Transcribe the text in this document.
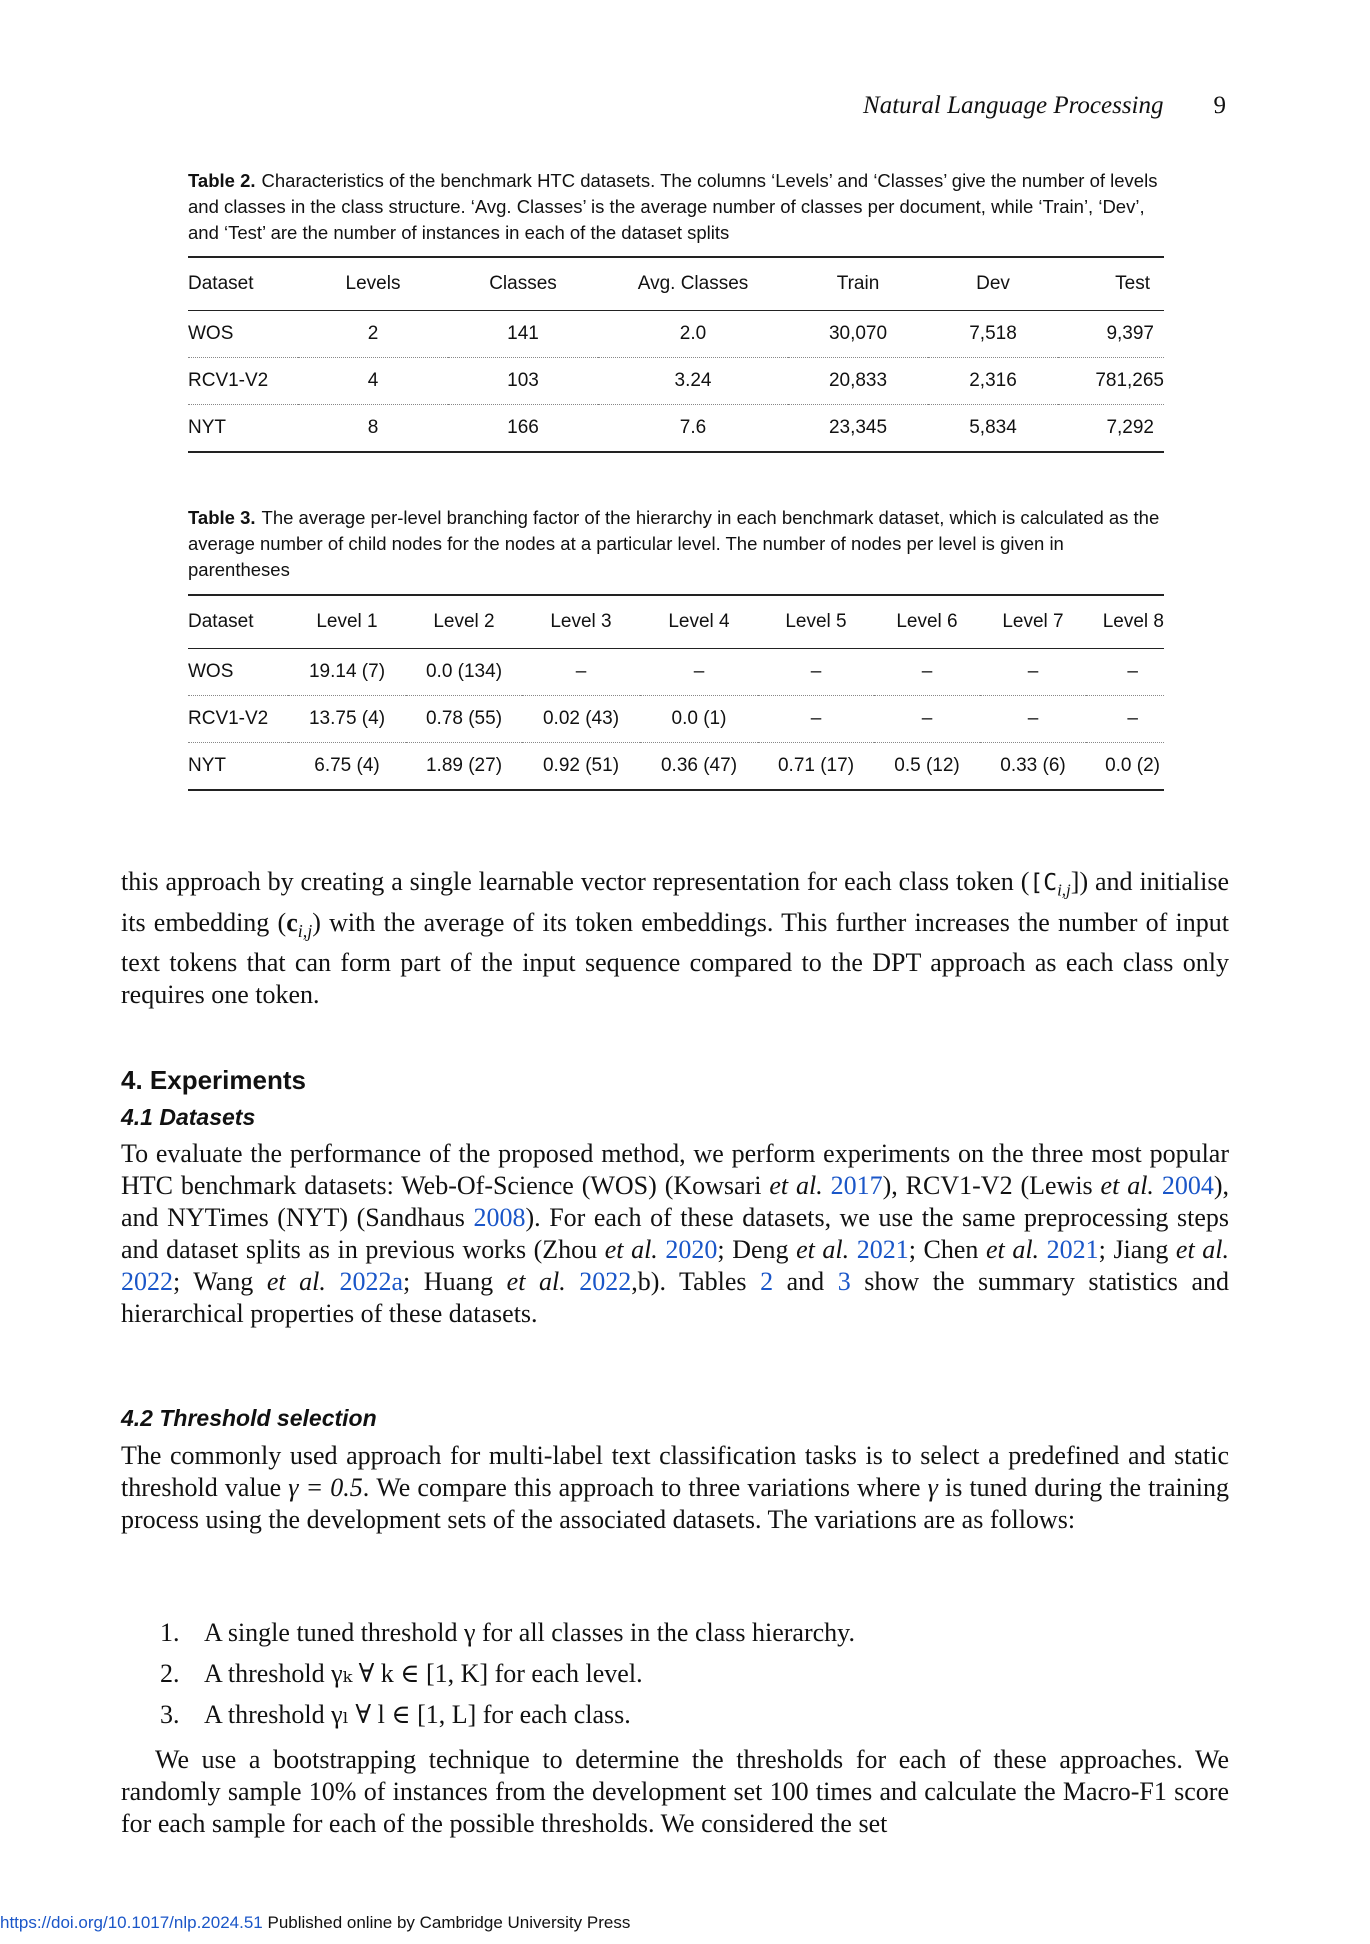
Natural Language Processing 9
Table 2. Characteristics of the benchmark HTC datasets. The columns ‘Levels’ and ‘Classes’ give the number of levels and classes in the class structure. ‘Avg. Classes’ is the average number of classes per document, while ‘Train’, ‘Dev’, and ‘Test’ are the number of instances in each of the dataset splits
Dataset	Levels	Classes	Avg. Classes	Train	Dev	Test
WOS	2	141	2.0	30,070	7,518	9,397
RCV1-V2	4	103	3.24	20,833	2,316	781,265
NYT	8	166	7.6	23,345	5,834	7,292
Table 3. The average per-level branching factor of the hierarchy in each benchmark dataset, which is calculated as the average number of child nodes for the nodes at a particular level. The number of nodes per level is given in parentheses
Dataset	Level 1	Level 2	Level 3	Level 4	Level 5	Level 6	Level 7	Level 8
WOS	19.14 (7)	0.0 (134)	–	–	–	–	–	–
RCV1-V2	13.75 (4)	0.78 (55)	0.02 (43)	0.0 (1)	–	–	–	–
NYT	6.75 (4)	1.89 (27)	0.92 (51)	0.36 (47)	0.71 (17)	0.5 (12)	0.33 (6)	0.0 (2)
this approach by creating a single learnable vector representation for each class token $([C_{i,j}])$ and initialise its embedding $(c_{i,j})$ with the average of its token embeddings. This further increases the number of input text tokens that can form part of the input sequence compared to the DPT approach as each class only requires one token.
4. Experiments
4.1 Datasets
To evaluate the performance of the proposed method, we perform experiments on the three most popular HTC benchmark datasets: Web-Of-Science (WOS) (Kowsari et al. 2017), RCV1-V2 (Lewis et al. 2004), and NYTimes (NYT) (Sandhaus 2008). For each of these datasets, we use the same preprocessing steps and dataset splits as in previous works (Zhou et al. 2020; Deng et al. 2021; Chen et al. 2021; Jiang et al. 2022; Wang et al. 2022a; Huang et al. 2022,b). Tables 2 and 3 show the summary statistics and hierarchical properties of these datasets.
4.2 Threshold selection
The commonly used approach for multi-label text classification tasks is to select a predefined and static threshold value γ = 0.5. We compare this approach to three variations where γ is tuned during the training process using the development sets of the associated datasets. The variations are as follows:
1. A single tuned threshold γ for all classes in the class hierarchy.
2. A threshold γₖ ∀ k ∈ [1, K] for each level.
3. A threshold γₗ ∀ l ∈ [1, L] for each class.
We use a bootstrapping technique to determine the thresholds for each of these approaches. We randomly sample 10% of instances from the development set 100 times and calculate the Macro-F1 score for each sample for each of the possible thresholds. We considered the set
https://doi.org/10.1017/nlp.2024.51 Published online by Cambridge University Press
